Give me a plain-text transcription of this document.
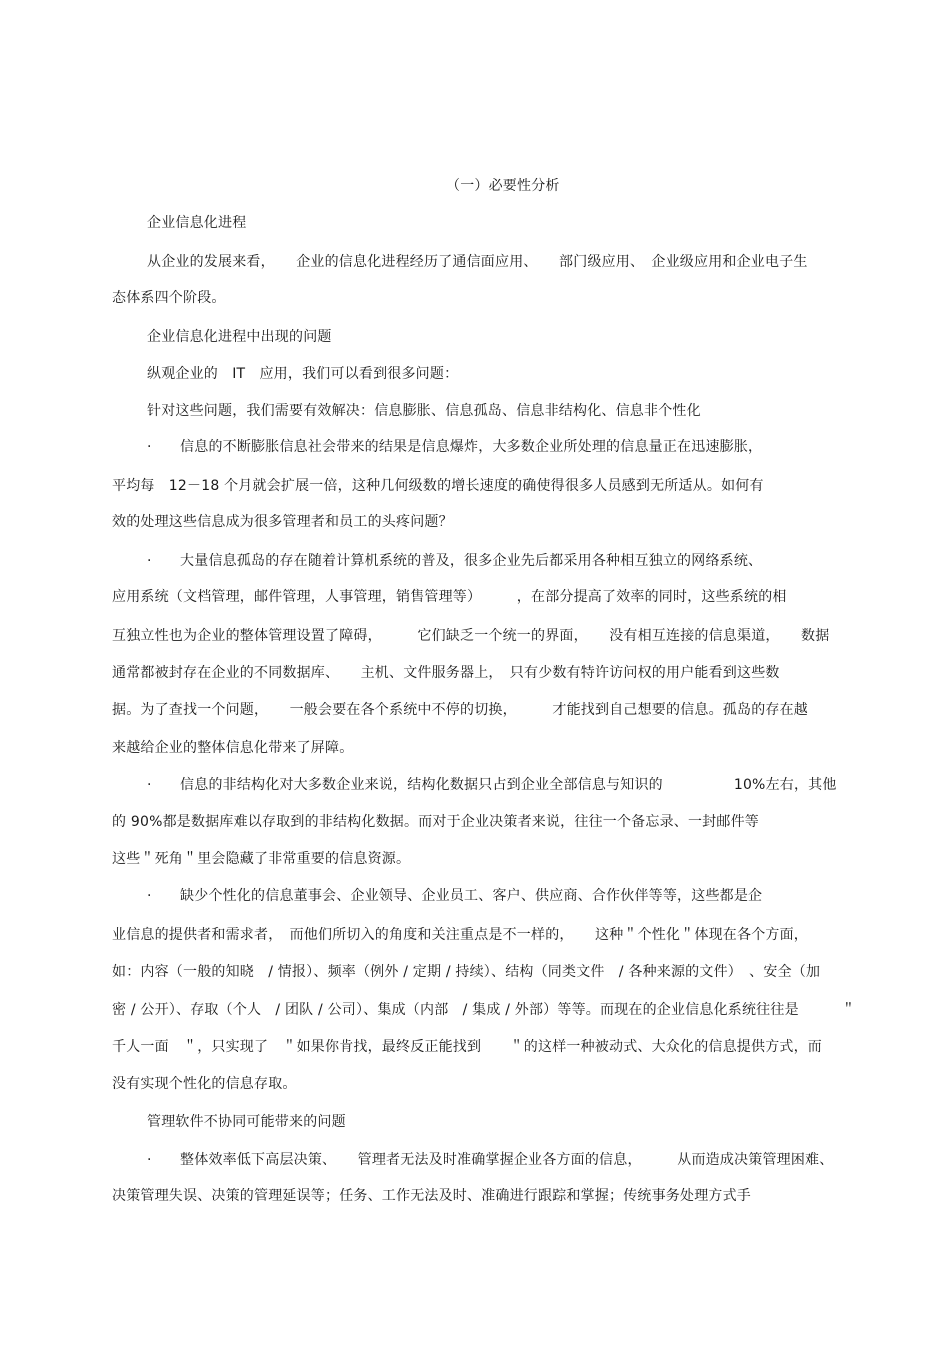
（一）必要性分析
企业信息化进程
从企业的发展来看，　　企业的信息化进程经历了通信面应用、　　部门级应用、　企业级应用和企业电子生
态体系四个阶段。
企业信息化进程中出现的问题
纵观企业的　IT　应用，我们可以看到很多问题：
针对这些问题，我们需要有效解决：信息膨胀、信息孤岛、信息非结构化、信息非个性化
·　　信息的不断膨胀信息社会带来的结果是信息爆炸，大多数企业所处理的信息量正在迅速膨胀，
平均每　12－18 个月就会扩展一倍，这种几何级数的增长速度的确使得很多人员感到无所适从。如何有
效的处理这些信息成为很多管理者和员工的头疼问题？
·　　大量信息孤岛的存在随着计算机系统的普及，很多企业先后都采用各种相互独立的网络系统、
应用系统（文档管理，邮件管理，人事管理，销售管理等）　　　，在部分提高了效率的同时，这些系统的相
互独立性也为企业的整体管理设置了障碍，　　　它们缺乏一个统一的界面，　　没有相互连接的信息渠道，　　数据
通常都被封存在企业的不同数据库、　　主机、文件服务器上，　只有少数有特许访问权的用户能看到这些数
据。为了查找一个问题，　　一般会要在各个系统中不停的切换，　　　才能找到自己想要的信息。孤岛的存在越
来越给企业的整体信息化带来了屏障。
·　　信息的非结构化对大多数企业来说，结构化数据只占到企业全部信息与知识的　　　　　10%左右，其他
的 90%都是数据库难以存取到的非结构化数据。而对于企业决策者来说，往往一个备忘录、一封邮件等
这些＂死角＂里会隐藏了非常重要的信息资源。
·　　缺少个性化的信息董事会、企业领导、企业员工、客户、供应商、合作伙伴等等，这些都是企
业信息的提供者和需求者，　而他们所切入的角度和关注重点是不一样的，　　这种＂个性化＂体现在各个方面，
如：内容（一般的知晓　/ 情报）、频率（例外 / 定期 / 持续）、结构（同类文件　/ 各种来源的文件）　、安全（加
密 / 公开）、存取（个人　/ 团队 / 公司）、集成（内部　/ 集成 / 外部）等等。而现在的企业信息化系统往往是　　　＂
千人一面　＂，只实现了　＂如果你肯找，最终反正能找到　　＂的这样一种被动式、大众化的信息提供方式，而
没有实现个性化的信息存取。
管理软件不协同可能带来的问题
·　　整体效率低下高层决策、　　管理者无法及时准确掌握企业各方面的信息，　　　从而造成决策管理困难、
决策管理失误、决策的管理延误等；任务、工作无法及时、准确进行跟踪和掌握；传统事务处理方式手
